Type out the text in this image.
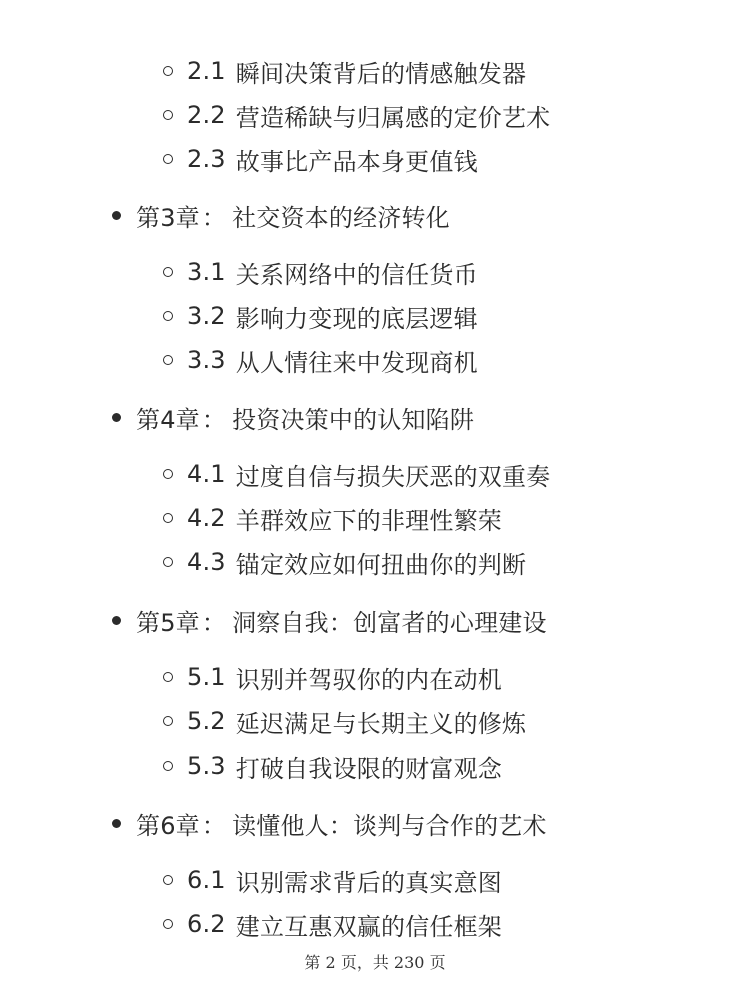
2.1 瞬间决策背后的情感触发器
2.2 营造稀缺与归属感的定价艺术
2.3 故事比产品本身更值钱
第3章 ： 社交资本的经济转化
3.1 关系网络中的信任货币
3.2 影响力变现的底层逻辑
3.3 从人情往来中发现商机
第4章 ： 投资决策中的认知陷阱
4.1 过度自信与损失厌恶的双重奏
4.2 羊群效应下的非理性繁荣
4.3 锚定效应如何扭曲你的判断
第5章 ： 洞察自我：创富者的心理建设
5.1 识别并驾驭你的内在动机
5.2 延迟满足与长期主义的修炼
5.3 打破自我设限的财富观念
第6章 ： 读懂他人：谈判与合作的艺术
6.1 识别需求背后的真实意图
6.2 建立互惠双赢的信任框架
第 2 页，共 230 页
